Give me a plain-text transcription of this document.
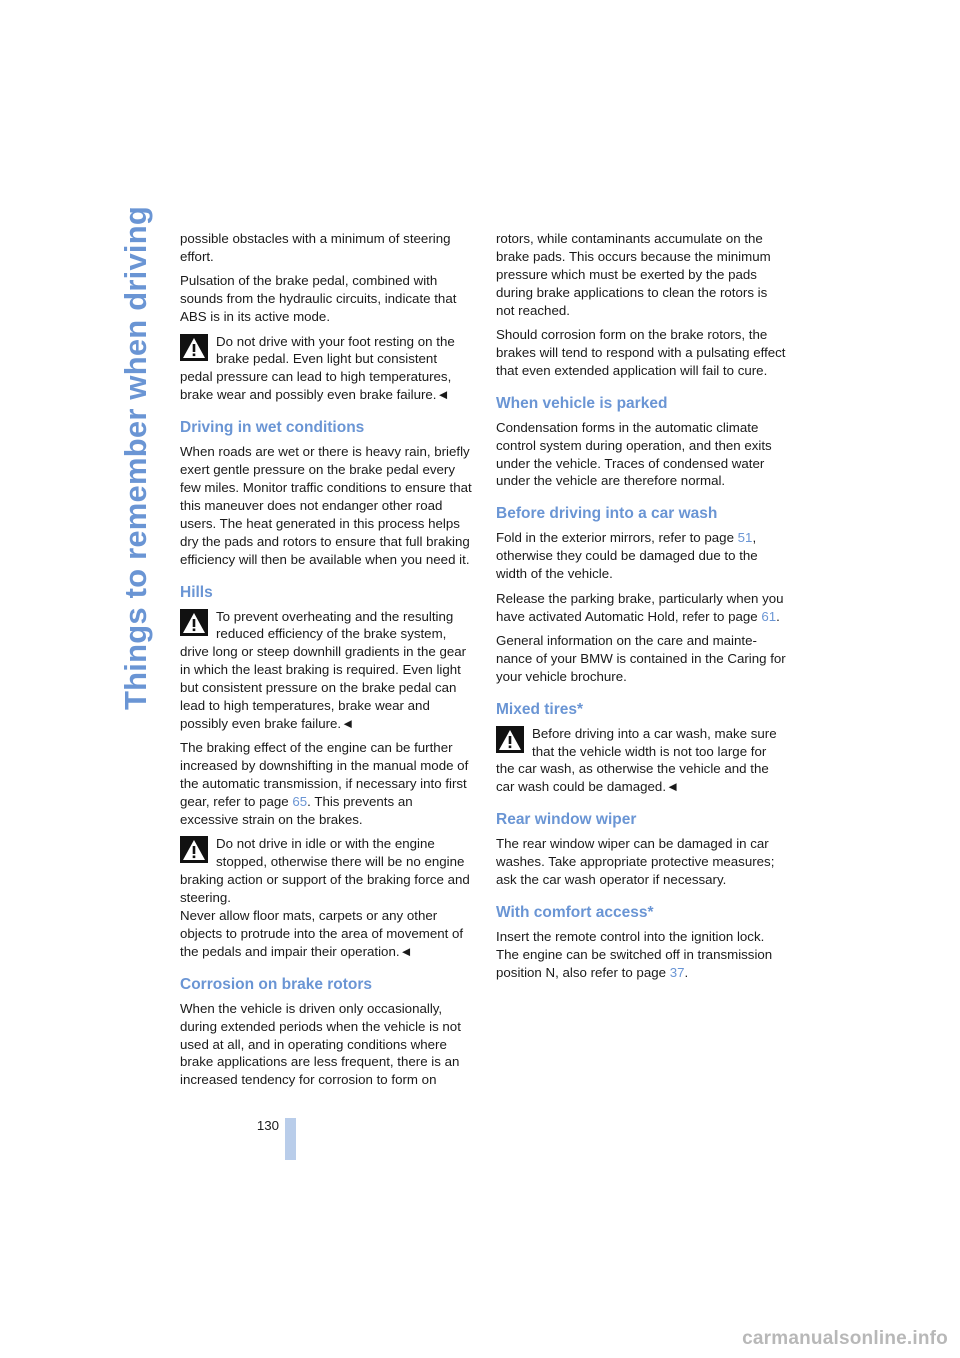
Things to remember when driving possible obstacles with a minimum of steering effort.

Pulsation of the brake pedal, combined with sounds from the hydraulic circuits, indicate that ABS is in its active mode.

Do not drive with your foot resting on the brake pedal. Even light but consistent pedal pressure can lead to high temperatures, brake wear and possibly even brake failure.◄

Driving in wet conditions

When roads are wet or there is heavy rain, briefly exert gentle pressure on the brake pedal every few miles. Monitor traffic conditions to ensure that this maneuver does not endanger other road users. The heat generated in this process helps dry the pads and rotors to ensure that full braking efficiency will then be available when you need it.

Hills

To prevent overheating and the resulting reduced efficiency of the brake system, drive long or steep downhill gradients in the gear in which the least braking is required. Even light but consistent pressure on the brake pedal can lead to high temperatures, brake wear and possibly even brake failure.◄

The braking effect of the engine can be further increased by downshifting in the manual mode of the automatic transmission, if necessary into first gear, refer to page 65. This prevents an excessive strain on the brakes.

Do not drive in idle or with the engine stopped, otherwise there will be no engine braking action or support of the braking force and steering.
Never allow floor mats, carpets or any other objects to protrude into the area of movement of the pedals and impair their operation.◄

Corrosion on brake rotors

When the vehicle is driven only occasionally, during extended periods when the vehicle is not used at all, and in operating conditions where brake applications are less frequent, there is an increased tendency for corrosion to form on

rotors, while contaminants accumulate on the brake pads. This occurs because the minimum pressure which must be exerted by the pads during brake applications to clean the rotors is not reached.

Should corrosion form on the brake rotors, the brakes will tend to respond with a pulsating effect that even extended application will fail to cure.

When vehicle is parked

Condensation forms in the automatic climate control system during operation, and then exits under the vehicle. Traces of condensed water under the vehicle are therefore normal.

Before driving into a car wash

Fold in the exterior mirrors, refer to page 51, otherwise they could be damaged due to the width of the vehicle.

Release the parking brake, particularly when you have activated Automatic Hold, refer to page 61.

General information on the care and mainte-nance of your BMW is contained in the Caring for your vehicle brochure.

Mixed tires*

Before driving into a car wash, make sure that the vehicle width is not too large for the car wash, as otherwise the vehicle and the car wash could be damaged.◄

Rear window wiper

The rear window wiper can be damaged in car washes. Take appropriate protective measures; ask the car wash operator if necessary.

With comfort access*

Insert the remote control into the ignition lock. The engine can be switched off in transmission position N, also refer to page 37.

130
carmanualsonline.info
